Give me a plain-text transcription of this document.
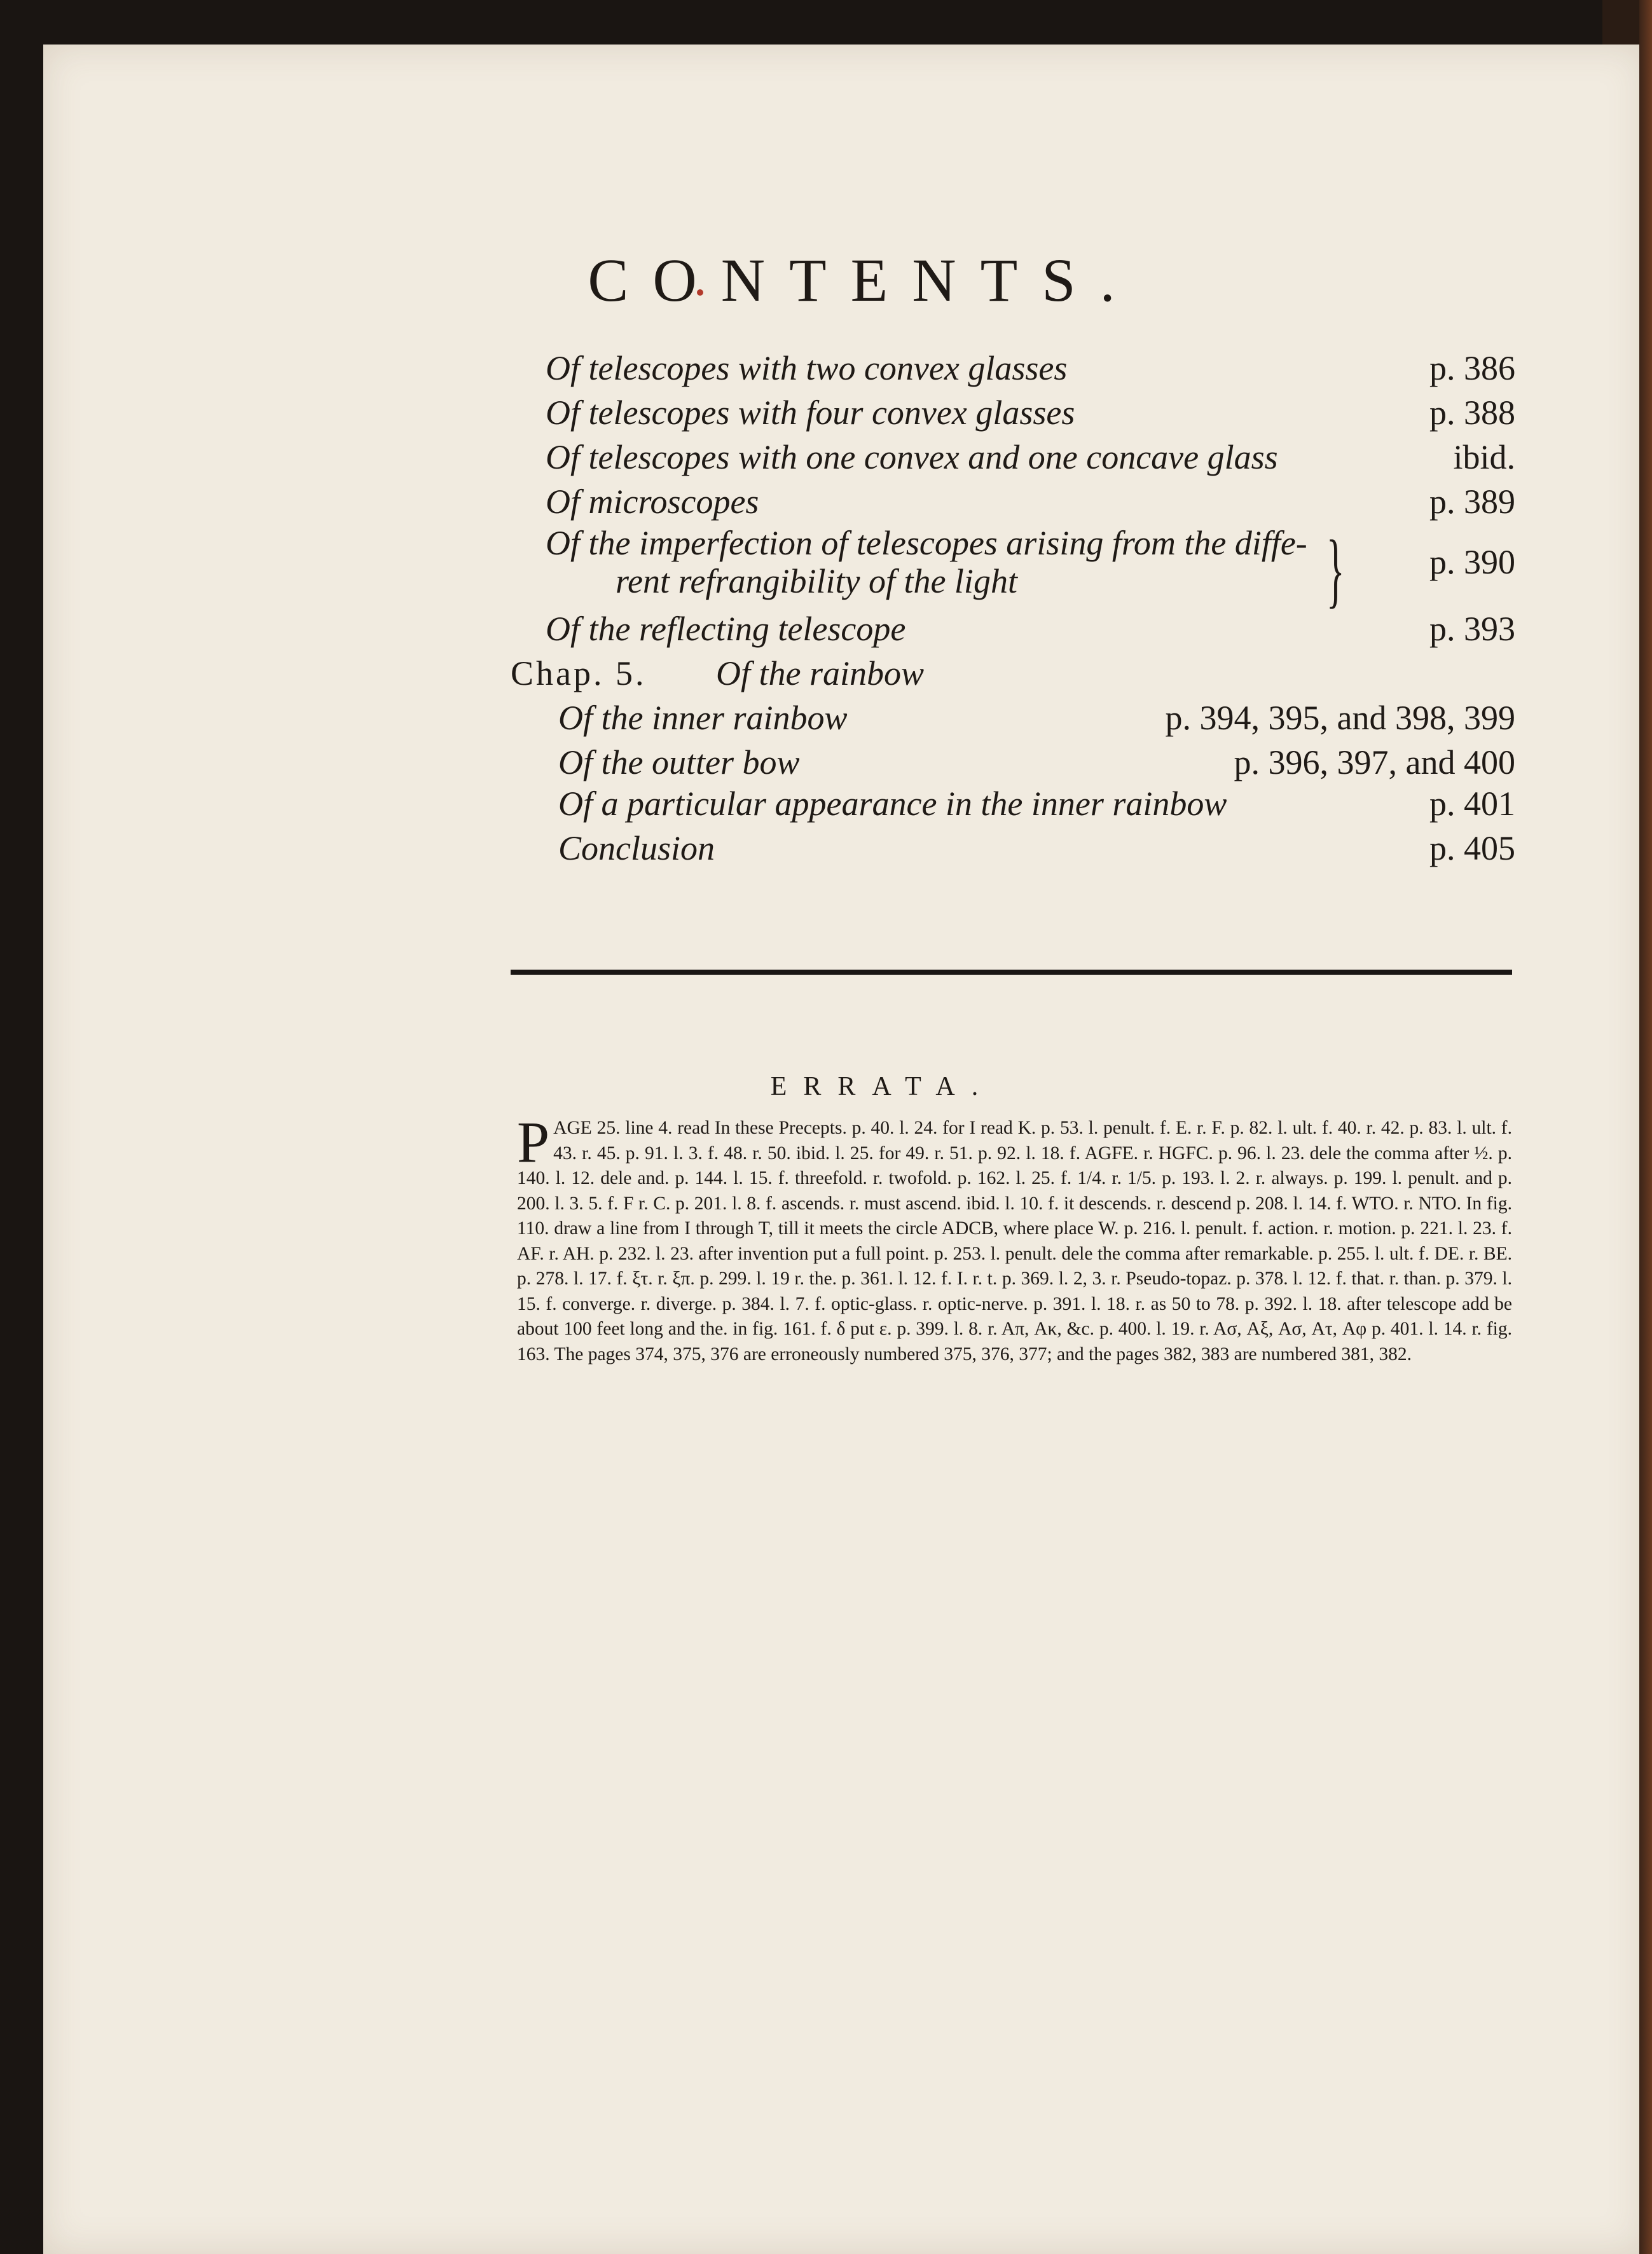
CONTENTS.
Of telescopes with two convex glasses	p. 386
Of telescopes with four convex glasses	p. 388
Of telescopes with one convex and one concave glass	ibid.
Of microscopes	p. 389
Of the imperfection of telescopes arising from the diffe-
rent refrangibility of the light	p. 390
}
Of the reflecting telescope	p. 393
Chap. 5. Of the rainbow
Of the inner rainbow	p. 394, 395, and 398, 399
Of the outter bow	p. 396, 397, and 400
Of a particular appearance in the inner rainbow	p. 401
Conclusion	p. 405
ERRATA.
PAGE 25. line 4. read In these Precepts. p. 40. l. 24. for I read K. p. 53. l. penult. f. E. r. F. p. 82. l. ult. f. 40. r. 42. p. 83. l. ult. f. 43. r. 45. p. 91. l. 3. f. 48. r. 50. ibid. l. 25. for 49. r. 51. p. 92. l. 18. f. AGFE. r. HGFC. p. 96. l. 23. dele the comma after ½. p. 140. l. 12. dele and. p. 144. l. 15. f. threefold. r. twofold. p. 162. l. 25. f. 1/4. r. 1/5. p. 193. l. 2. r. always. p. 199. l. penult. and p. 200. l. 3. 5. f. F r. C. p. 201. l. 8. f. ascends. r. must ascend. ibid. l. 10. f. it descends. r. descend p. 208. l. 14. f. WTO. r. NTO. In fig. 110. draw a line from I through T, till it meets the circle ADCB, where place W. p. 216. l. penult. f. action. r. motion. p. 221. l. 23. f. AF. r. AH. p. 232. l. 23. after invention put a full point. p. 253. l. penult. dele the comma after remarkable. p. 255. l. ult. f. DE. r. BE. p. 278. l. 17. f. ξτ. r. ξπ. p. 299. l. 19 r. the. p. 361. l. 12. f. I. r. t. p. 369. l. 2, 3. r. Pseudo-topaz. p. 378. l. 12. f. that. r. than. p. 379. l. 15. f. converge. r. diverge. p. 384. l. 7. f. optic-glass. r. optic-nerve. p. 391. l. 18. r. as 50 to 78. p. 392. l. 18. after telescope add be about 100 feet long and the. in fig. 161. f. δ put ε. p. 399. l. 8. r. Aπ, Aκ, &c. p. 400. l. 19. r. Aσ, Aξ, Aσ, Aτ, Aφ p. 401. l. 14. r. fig. 163. The pages 374, 375, 376 are erroneously numbered 375, 376, 377; and the pages 382, 383 are numbered 381, 382.
